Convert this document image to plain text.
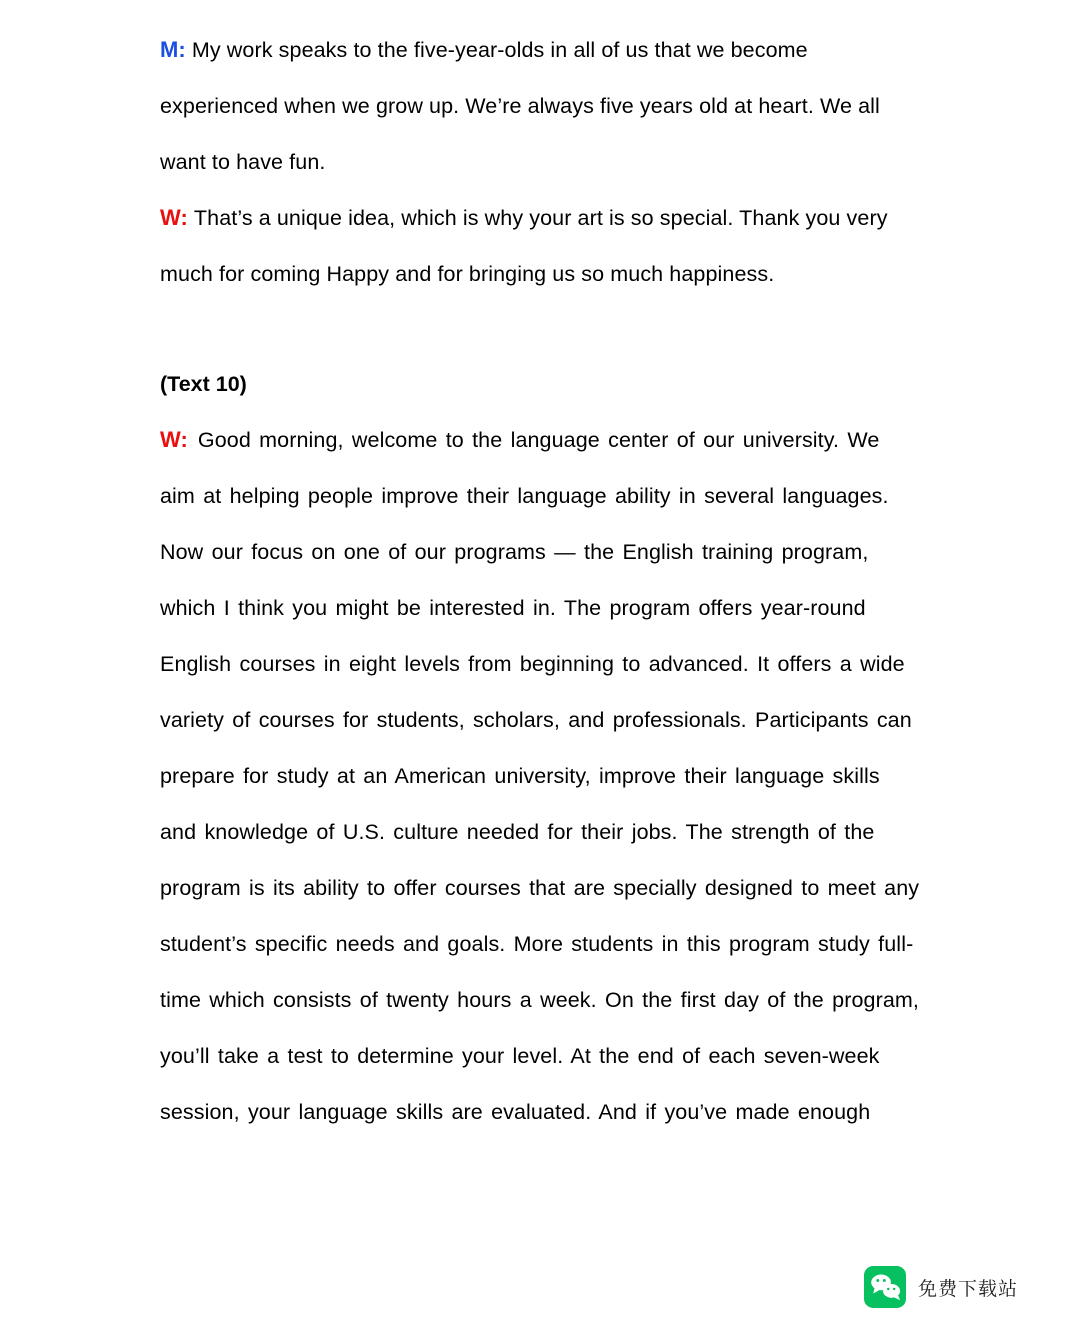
M: My work speaks to the five-year-olds in all of us that we become experienced when we grow up. We’re always five years old at heart. We all want to have fun.

W: That’s a unique idea, which is why your art is so special. Thank you very much for coming Happy and for bringing us so much happiness.

(Text 10)

W: Good morning, welcome to the language center of our university. We aim at helping people improve their language ability in several languages. Now our focus on one of our programs — the English training program, which I think you might be interested in. The program offers year-round English courses in eight levels from beginning to advanced. It offers a wide variety of courses for students, scholars, and professionals. Participants can prepare for study at an American university, improve their language skills and knowledge of U.S. culture needed for their jobs. The strength of the program is its ability to offer courses that are specially designed to meet any student’s specific needs and goals. More students in this program study full-time which consists of twenty hours a week. On the first day of the program, you’ll take a test to determine your level. At the end of each seven-week session, your language skills are evaluated. And if you’ve made enough

免费下载站
